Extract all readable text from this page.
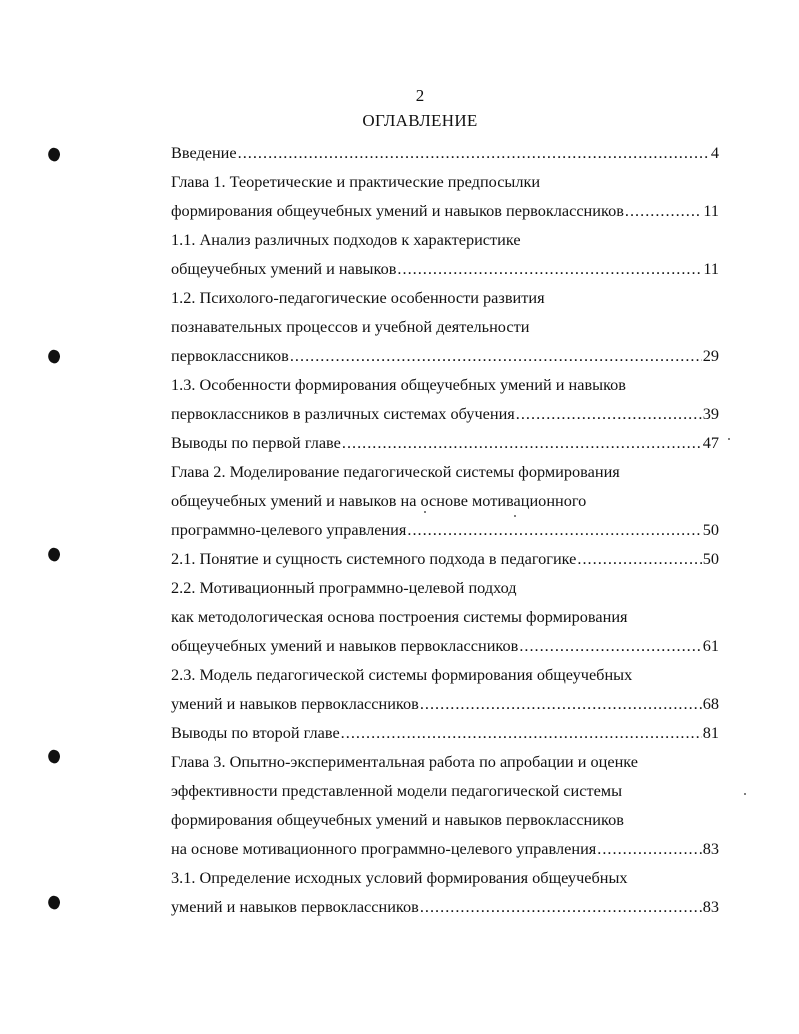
2
ОГЛАВЛЕНИЕ
Введение .....	4
Глава 1. Теоретические и практические предпосылки
формирования общеучебных умений и навыков первоклассников .....	11
1.1. Анализ различных подходов к характеристике
общеучебных умений и навыков .....	11
1.2. Психолого-педагогические особенности развития
познавательных процессов и учебной деятельности
первоклассников .....	29
1.3. Особенности формирования общеучебных умений и навыков
первоклассников в различных системах обучения .....	39
Выводы по первой главе .....	47
Глава 2. Моделирование педагогической системы формирования
общеучебных умений и навыков на основе мотивационного
программно-целевого управления .....	50
2.1. Понятие и сущность системного подхода в педагогике .....	50
2.2. Мотивационный программно-целевой подход
как методологическая основа построения системы формирования
общеучебных умений и навыков первоклассников .....	61
2.3. Модель педагогической системы формирования общеучебных
умений и навыков первоклассников .....	68
Выводы по второй главе .....	81
Глава 3. Опытно-экспериментальная работа по апробации и оценке
эффективности представленной модели педагогической системы
формирования общеучебных умений и навыков первоклассников
на основе мотивационного программно-целевого управления .....	83
3.1. Определение исходных условий формирования общеучебных
умений и навыков первоклассников .....	83
